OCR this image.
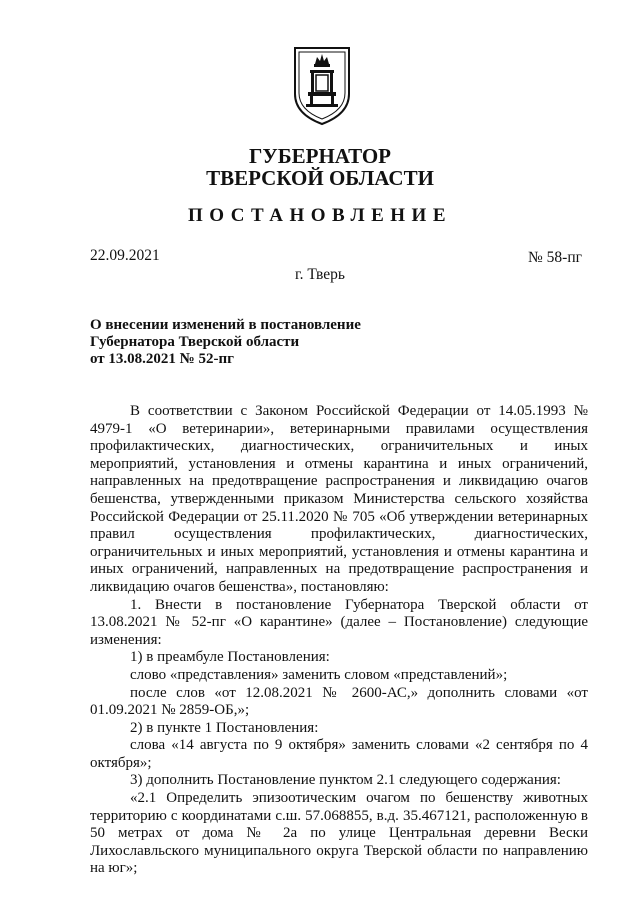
ГУБЕРНАТОР
ТВЕРСКОЙ ОБЛАСТИ
ПОСТАНОВЛЕНИЕ
22.09.2021	№ 58-пг
г. Тверь
О внесении изменений в постановление
Губернатора Тверской области
от 13.08.2021 № 52-пг

В соответствии с Законом Российской Федерации от 14.05.1993 № 4979-1 «О ветеринарии», ветеринарными правилами осуществления профилактических, диагностических, ограничительных и иных мероприятий, установления и отмены карантина и иных ограничений, направленных на предотвращение распространения и ликвидацию очагов бешенства, утвержденными приказом Министерства сельского хозяйства Российской Федерации от 25.11.2020 № 705 «Об утверждении ветеринарных правил осуществления профилактических, диагностических, ограничительных и иных мероприятий, установления и отмены карантина и иных ограничений, направленных на предотвращение распространения и ликвидацию очагов бешенства», постановляю:

1. Внести в постановление Губернатора Тверской области от 13.08.2021 № 52-пг «О карантине» (далее – Постановление) следующие изменения:

1) в преамбуле Постановления:

слово «представления» заменить словом «представлений»;

после слов «от 12.08.2021 № 2600-АС,» дополнить словами «от 01.09.2021 № 2859-ОБ,»;

2) в пункте 1 Постановления:

слова «14 августа по 9 октября» заменить словами «2 сентября по 4 октября»;

3) дополнить Постановление пунктом 2.1 следующего содержания:

«2.1 Определить эпизоотическим очагом по бешенству животных территорию с координатами с.ш. 57.068855, в.д. 35.467121, расположенную в 50 метрах от дома № 2а по улице Центральная деревни Вески Лихославльского муниципального округа Тверской области по направлению на юг»;
